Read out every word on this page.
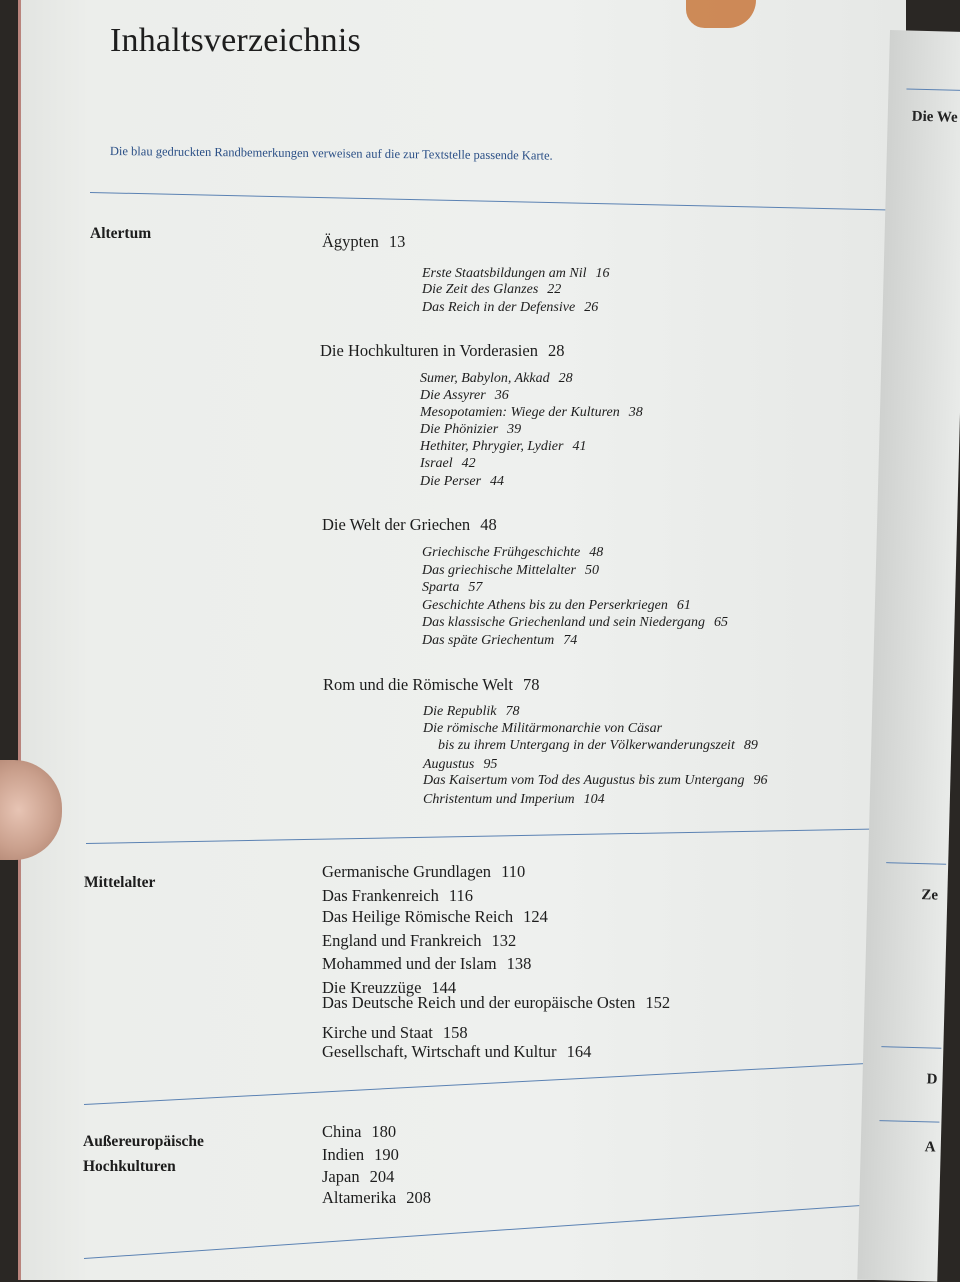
Inhaltsverzeichnis
Die blau gedruckten Randbemerkungen verweisen auf die zur Textstelle passende Karte.
Altertum	Ägypten 13
Erste Staatsbildungen am Nil 16
Die Zeit des Glanzes 22
Das Reich in der Defensive 26
Die Hochkulturen in Vorderasien 28
Sumer, Babylon, Akkad 28
Die Assyrer 36
Mesopotamien: Wiege der Kulturen 38
Die Phönizier 39
Hethiter, Phrygier, Lydier 41
Israel 42
Die Perser 44
Die Welt der Griechen 48
Griechische Frühgeschichte 48
Das griechische Mittelalter 50
Sparta 57
Geschichte Athens bis zu den Perserkriegen 61
Das klassische Griechenland und sein Niedergang 65
Das späte Griechentum 74
Rom und die Römische Welt 78
Die Republik 78
Die römische Militärmonarchie von Cäsar
bis zu ihrem Untergang in der Völkerwanderungszeit 89
Augustus 95
Das Kaisertum vom Tod des Augustus bis zum Untergang 96
Christentum und Imperium 104
Mittelalter
Germanische Grundlagen 110
Das Frankenreich 116
Das Heilige Römische Reich 124
England und Frankreich 132
Mohammed und der Islam 138
Die Kreuzzüge 144
Das Deutsche Reich und der europäische Osten 152
Kirche und Staat 158
Gesellschaft, Wirtschaft und Kultur 164
Außereuropäische
Hochkulturen
China 180
Indien 190
Japan 204
Altamerika 208
Die We
Ze
D
A
